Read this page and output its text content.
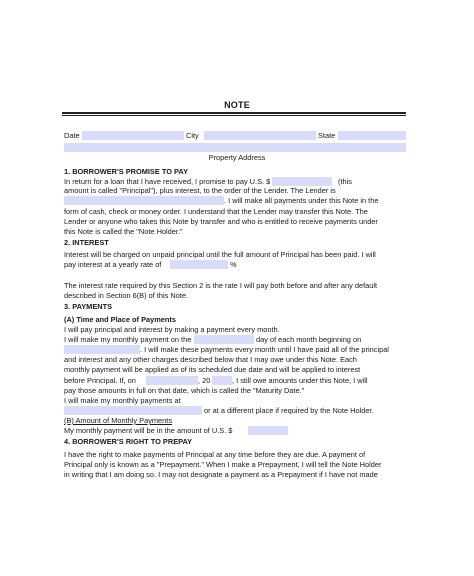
NOTE
Date	City	State
Property Address
1. BORROWER'S PROMISE TO PAY
In return for a loan that I have received, I promise to pay U.S. $	(this
amount is called "Principal"), plus interest, to the order of the Lender. The Lender is
. I will make all payments under this Note in the
form of cash, check or money order. I understand that the Lender may transfer this Note. The
Lender or anyone who takes this Note by transfer and who is entitled to receive payments under
this Note is called the "Note Holder."
2. INTEREST
Interest will be charged on unpaid principal until the full amount of Principal has been paid. I will
pay interest at a yearly rate of	%
The interest rate required by this Section 2 is the rate I will pay both before and after any default
described in Section 6(B) of this Note.
3. PAYMENTS
(A) Time and Place of Payments
I will pay principal and interest by making a payment every month.
I will make my monthly payment on the	day of each month beginning on
. I will make these payments every month until I have paid all of the principal
and interest and any other charges described below that I may owe under this Note. Each
monthly payment will be applied as of its scheduled due date and will be applied to interest
before Principal. If, on	, 20	, I still owe amounts under this Note, I will
pay those amounts in full on that date, which is called the "Maturity Date."
I will make my monthly payments at
or at a different place if required by the Note Holder.
(B) Amount of Monthly Payments
My monthly payment will be in the amount of U.S. $
4. BORROWER'S RIGHT TO PREPAY
I have the right to make payments of Principal at any time before they are due. A payment of
Principal only is known as a "Prepayment." When I make a Prepayment, I will tell the Note Holder
in writing that I am doing so. I may not designate a payment as a Prepayment if I have not made
